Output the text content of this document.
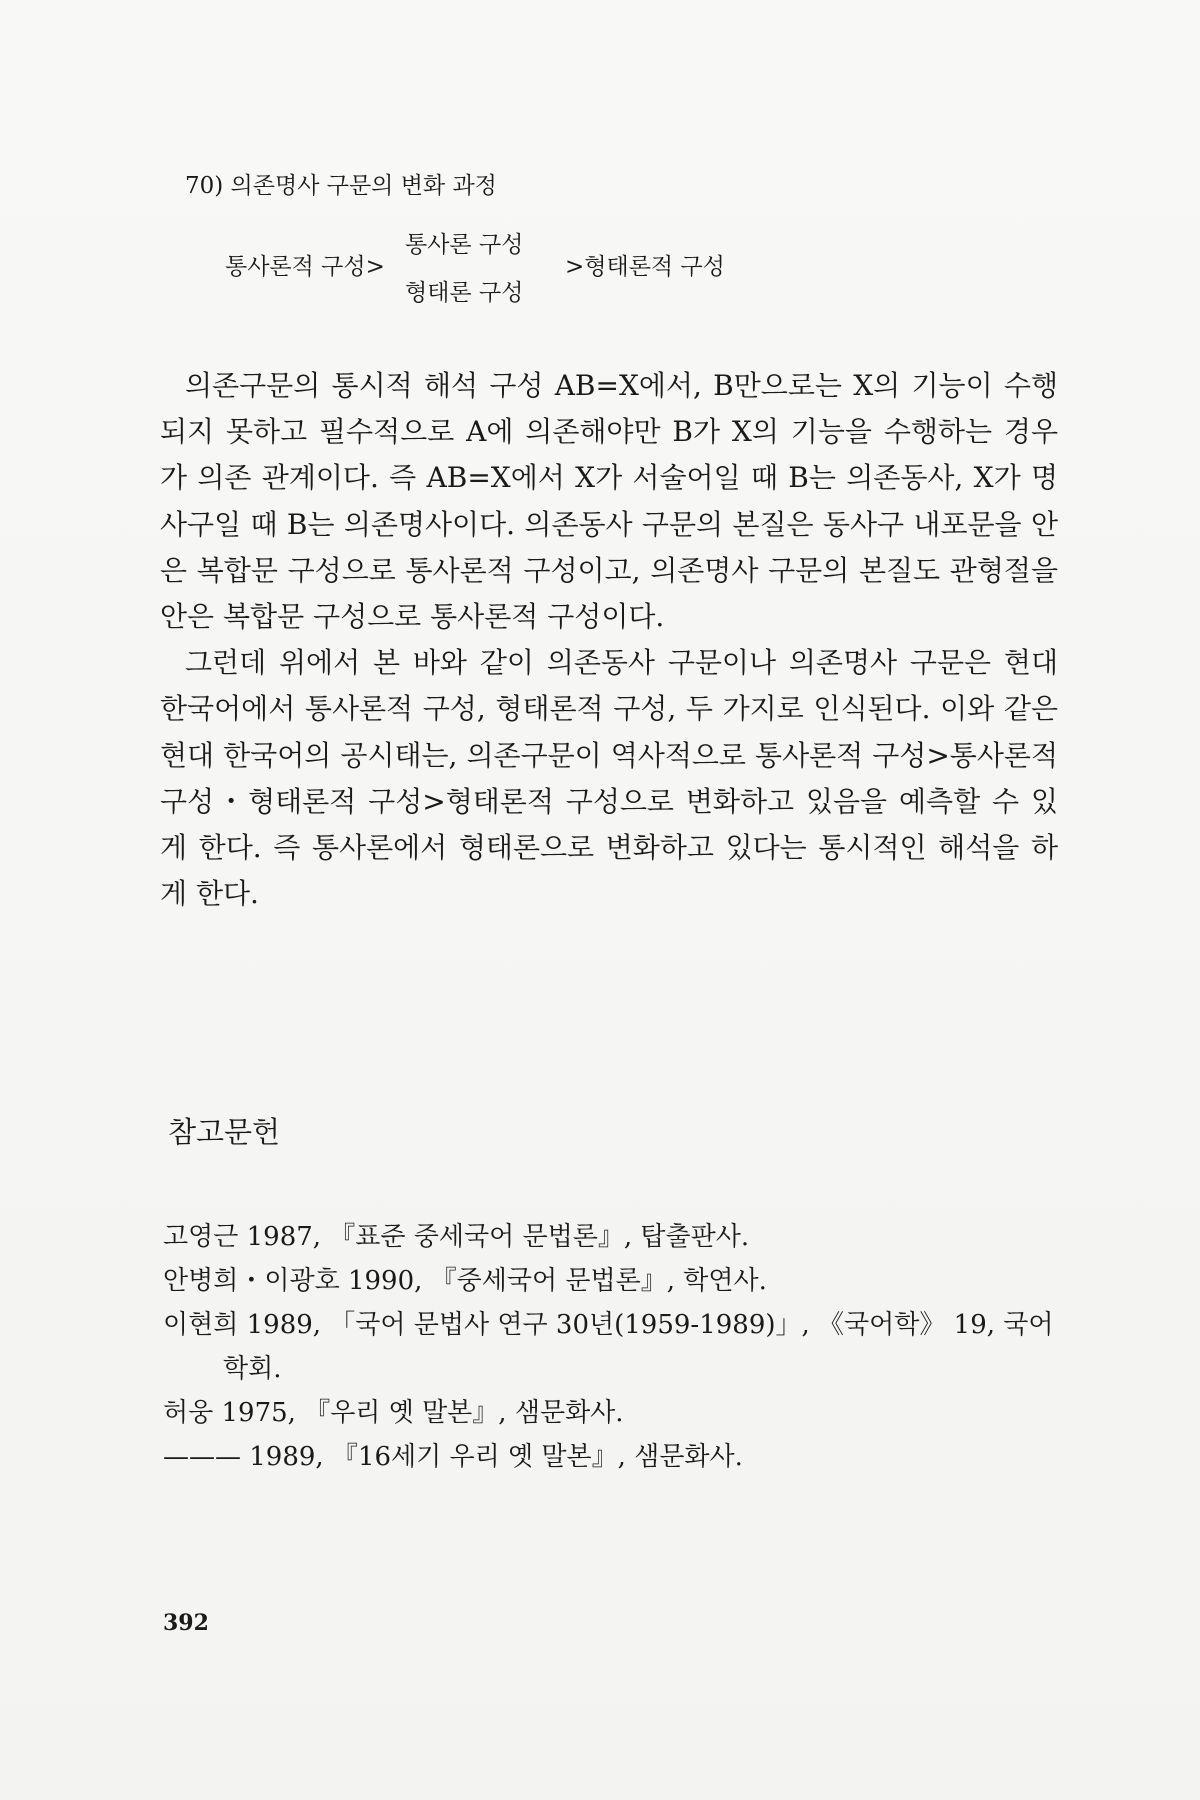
70) 의존명사 구문의 변화 과정
통사론적 구성>
통사론 구성
형태론 구성
>형태론적 구성

의존구문의 통시적 해석 구성 AB=X에서, B만으로는 X의 기능이 수행되지 못하고 필수적으로 A에 의존해야만 B가 X의 기능을 수행하는 경우가 의존 관계이다. 즉 AB=X에서 X가 서술어일 때 B는 의존동사, X가 명사구일 때 B는 의존명사이다. 의존동사 구문의 본질은 동사구 내포문을 안은 복합문 구성으로 통사론적 구성이고, 의존명사 구문의 본질도 관형절을 안은 복합문 구성으로 통사론적 구성이다.

그런데 위에서 본 바와 같이 의존동사 구문이나 의존명사 구문은 현대 한국어에서 통사론적 구성, 형태론적 구성, 두 가지로 인식된다. 이와 같은 현대 한국어의 공시태는, 의존구문이 역사적으로 통사론적 구성>통사론적 구성・형태론적 구성>형태론적 구성으로 변화하고 있음을 예측할 수 있게 한다. 즉 통사론에서 형태론으로 변화하고 있다는 통시적인 해석을 하게 한다.

참고문헌

고영근 1987, 『표준 중세국어 문법론』, 탑출판사.

안병희・이광호 1990, 『중세국어 문법론』, 학연사.

이현희 1989, 「국어 문법사 연구 30년(1959-1989)」, 《국어학》 19, 국어
학회.

허웅 1975, 『우리 옛 말본』, 샘문화사.

——— 1989, 『16세기 우리 옛 말본』, 샘문화사.

392
